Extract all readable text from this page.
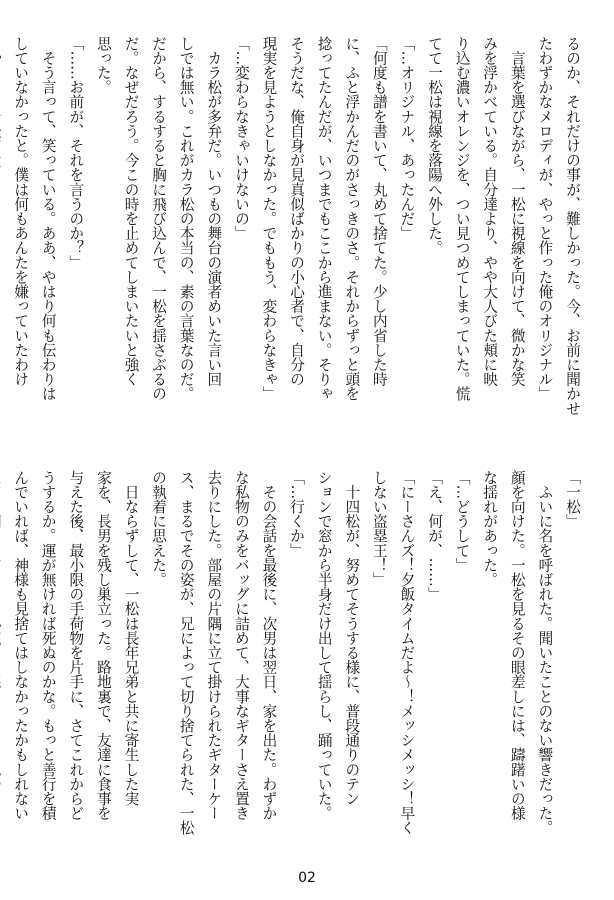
るのか、それだけの事が、難しかった。今、お前に聞かせ
たわずかなメロディが、やっと作った俺のオリジナル」
　言葉を選びながら、一松に視線を向けて、微かな笑
みを浮かべている。自分達より、やや大人びた頬に映
り込む濃いオレンジを、つい見つめてしまっていた。慌
てて一松は視線を落陽へ外した。
「…オリジナル、あったんだ」
「何度も譜を書いて、丸めて捨てた。少し内省した時
に、ふと浮かんだのがさっきのさ。それからずっと頭を
捻ってたんだが、いつまでもここから進まない。そりゃ
そうだな、俺自身が見真似ばかりの小心者で、自分の
現実を見ようとしなかった。でももう、変わらなきゃ」
「…変わらなきゃいけないの」
　カラ松が多弁だ。いつもの舞台の演者めいた言い回
しでは無い。これがカラ松の本当の、素の言葉なのだ。
だから、するすると胸に飛び込んで、一松を揺さぶるの
だ。なぜだろう。今この時を止めてしまいたいと強く
思った。
「……お前が、それを言うのか？」
　そう言って、笑っている。ああ、やはり何も伝わりは
していなかったと。僕は何もあんたを嫌っていたわけ
「一松」
　ふいに名を呼ばれた。聞いたことのない響きだった。
顔を向けた。一松を見るその眼差しには、躊躇いの様
な揺れがあった。
「…どうして」
「え、何が、……」
「にーさんズ！夕飯タイムだよ～！メッシメッシ！早く
しない盗塁王！」
　十四松が、努めてそうする様に、普段通りのテン
ションで窓から半身だけ出して揺らし、踊っていた。
「…行くか」
　その会話を最後に、次男は翌日、家を出た。わずか
な私物のみをバッグに詰めて、大事なギターさえ置き
去りにした。部屋の片隅に立て掛けられたギターケー
ス、まるでその姿が、兄によって切り捨てられた、一松
の執着に思えた。
　日ならずして、一松は長年兄弟と共に寄生した実
家を、長男を残し巣立った。路地裏で、友達に食事を
与えた後、最小限の手荷物を片手に、さてこれからど
うするか。運が無ければ死ぬのかな。もっと善行を積
んでいれば、神様も見捨てはしなかったかもしれない
02
